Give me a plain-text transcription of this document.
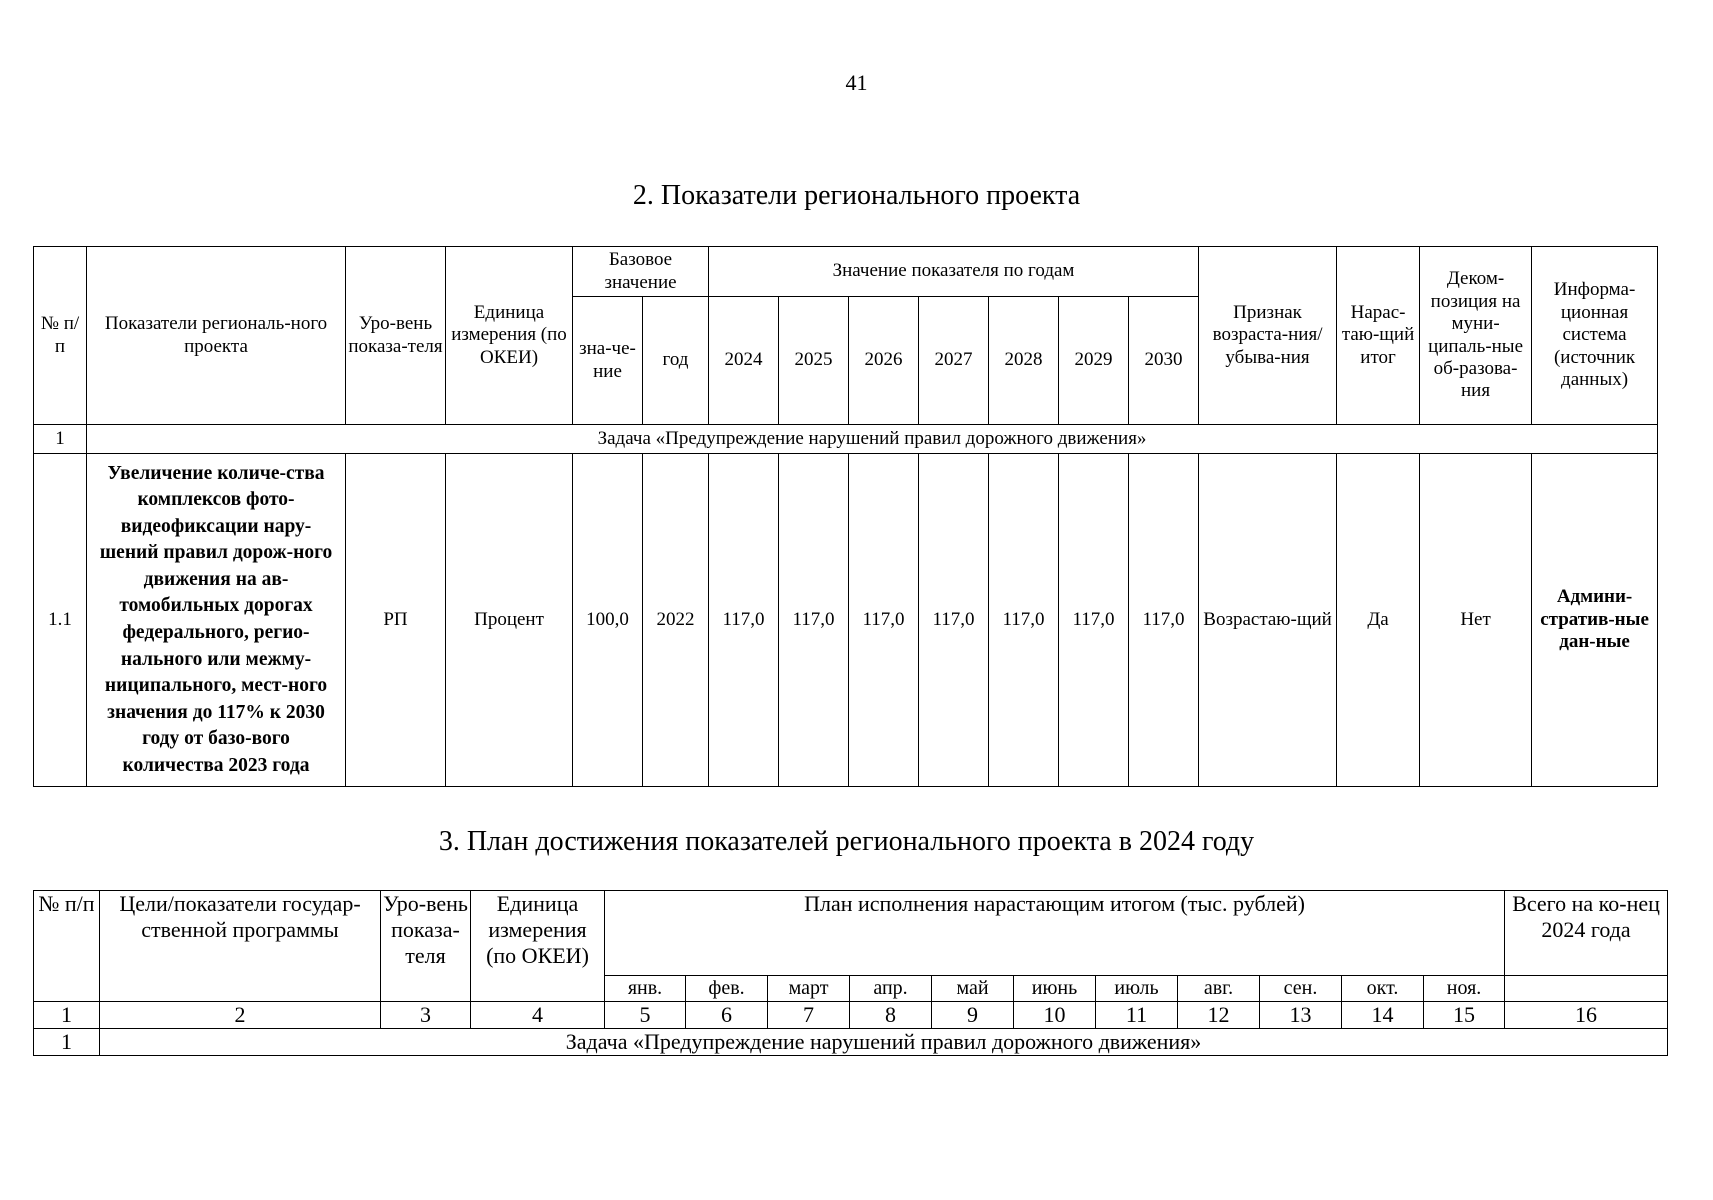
41
2. Показатели регионального проекта
№ п/п	Показатели региональ-ного проекта	Уро-вень показа-теля	Единица измерения (по ОКЕИ)	Базовое значение		Значение показателя по годам							Признак возраста-ния/убыва-ния	Нарас-таю-щий итог	Деком-позиция на муни-ципаль-ные об-разова-ния	Информа-ционная система (источник данных)
				зна-че-ние	год	2024	2025	2026	2027	2028	2029	2030				
1	Задача «Предупреждение нарушений правил дорожного движения»															
1.1	Увеличение количе-ства комплексов фото-видеофиксации нару-шений правил дорож-ного движения на ав-томобильных дорогах федерального, регио-нального или межму-ниципального, мест-ного значения до 117% к 2030 году от базо-вого количества 2023 года	РП	Процент	100,0	2022	117,0	117,0	117,0	117,0	117,0	117,0	117,0	Возрастаю-щий	Да	Нет	Админи-стратив-ные дан-ные
3. План достижения показателей регионального проекта в 2024 году
№ п/п	Цели/показатели государ-ственной программы	Уро-вень показа-теля	Единица измерения (по ОКЕИ)	План исполнения нарастающим итогом (тыс. рублей)											Всего на ко-нец 2024 года
				янв.	фев.	март	апр.	май	июнь	июль	авг.	сен.	окт.	ноя.	
1	2	3	4	5	6	7	8	9	10	11	12	13	14	15	16
1	Задача «Предупреждение нарушений правил дорожного движения»														
